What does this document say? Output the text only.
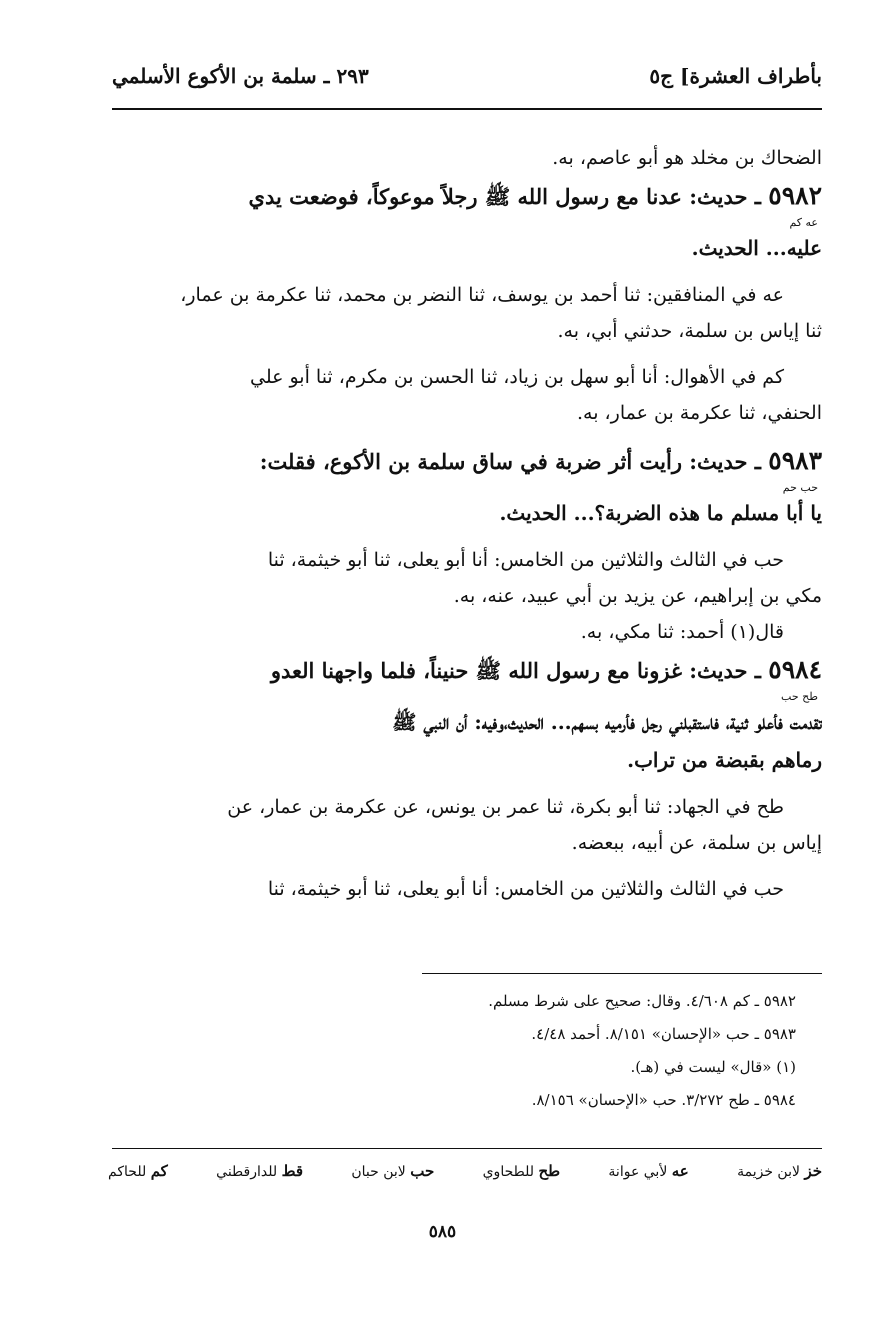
بأطراف العشرة] ج٥
٢٩٣ ـ سلمة بن الأكوع الأسلمي
الضحاك بن مخلد هو أبو عاصم، به.
٥٩٨٢ ـ حديث: عدنا مع رسول الله ﷺ رجلاً موعوكاً، فوضعت يدي
عه كم
عليه... الحديث.
عه في المنافقين: ثنا أحمد بن يوسف، ثنا النضر بن محمد، ثنا عكرمة بن عمار،
ثنا إياس بن سلمة، حدثني أبي، به.
كم في الأهوال: أنا أبو سهل بن زياد، ثنا الحسن بن مكرم، ثنا أبو علي
الحنفي، ثنا عكرمة بن عمار، به.
٥٩٨٣ ـ حديث: رأيت أثر ضربة في ساق سلمة بن الأكوع، فقلت:
حب حم
يا أبا مسلم ما هذه الضربة؟... الحديث.
حب في الثالث والثلاثين من الخامس: أنا أبو يعلى، ثنا أبو خيثمة، ثنا
مكي بن إبراهيم، عن يزيد بن أبي عبيد، عنه، به.
قال(١) أحمد: ثنا مكي، به.
٥٩٨٤ ـ حديث: غزونا مع رسول الله ﷺ حنيناً، فلما واجهنا العدو
طح حب
تقدمت فأعلو ثنية، فاستقبلني رجل فأرميه بسهم... الحديث،وفيه: أن النبي ﷺ
رماهم بقبضة من تراب.
طح في الجهاد: ثنا أبو بكرة، ثنا عمر بن يونس، عن عكرمة بن عمار، عن
إياس بن سلمة، عن أبيه، ببعضه.
حب في الثالث والثلاثين من الخامس: أنا أبو يعلى، ثنا أبو خيثمة، ثنا
٥٩٨٢ ـ كم ٤/٦٠٨. وقال: صحيح على شرط مسلم.
٥٩٨٣ ـ حب «الإحسان» ٨/١٥١. أحمد ٤/٤٨.
(١) «قال» ليست في (هـ).
٥٩٨٤ ـ طح ٣/٢٧٢. حب «الإحسان» ٨/١٥٦.
خز لابن خزيمة
عه لأبي عوانة
طح للطحاوي
حب لابن حبان
قط للدارقطني
كم للحاكم
٥٨٥
